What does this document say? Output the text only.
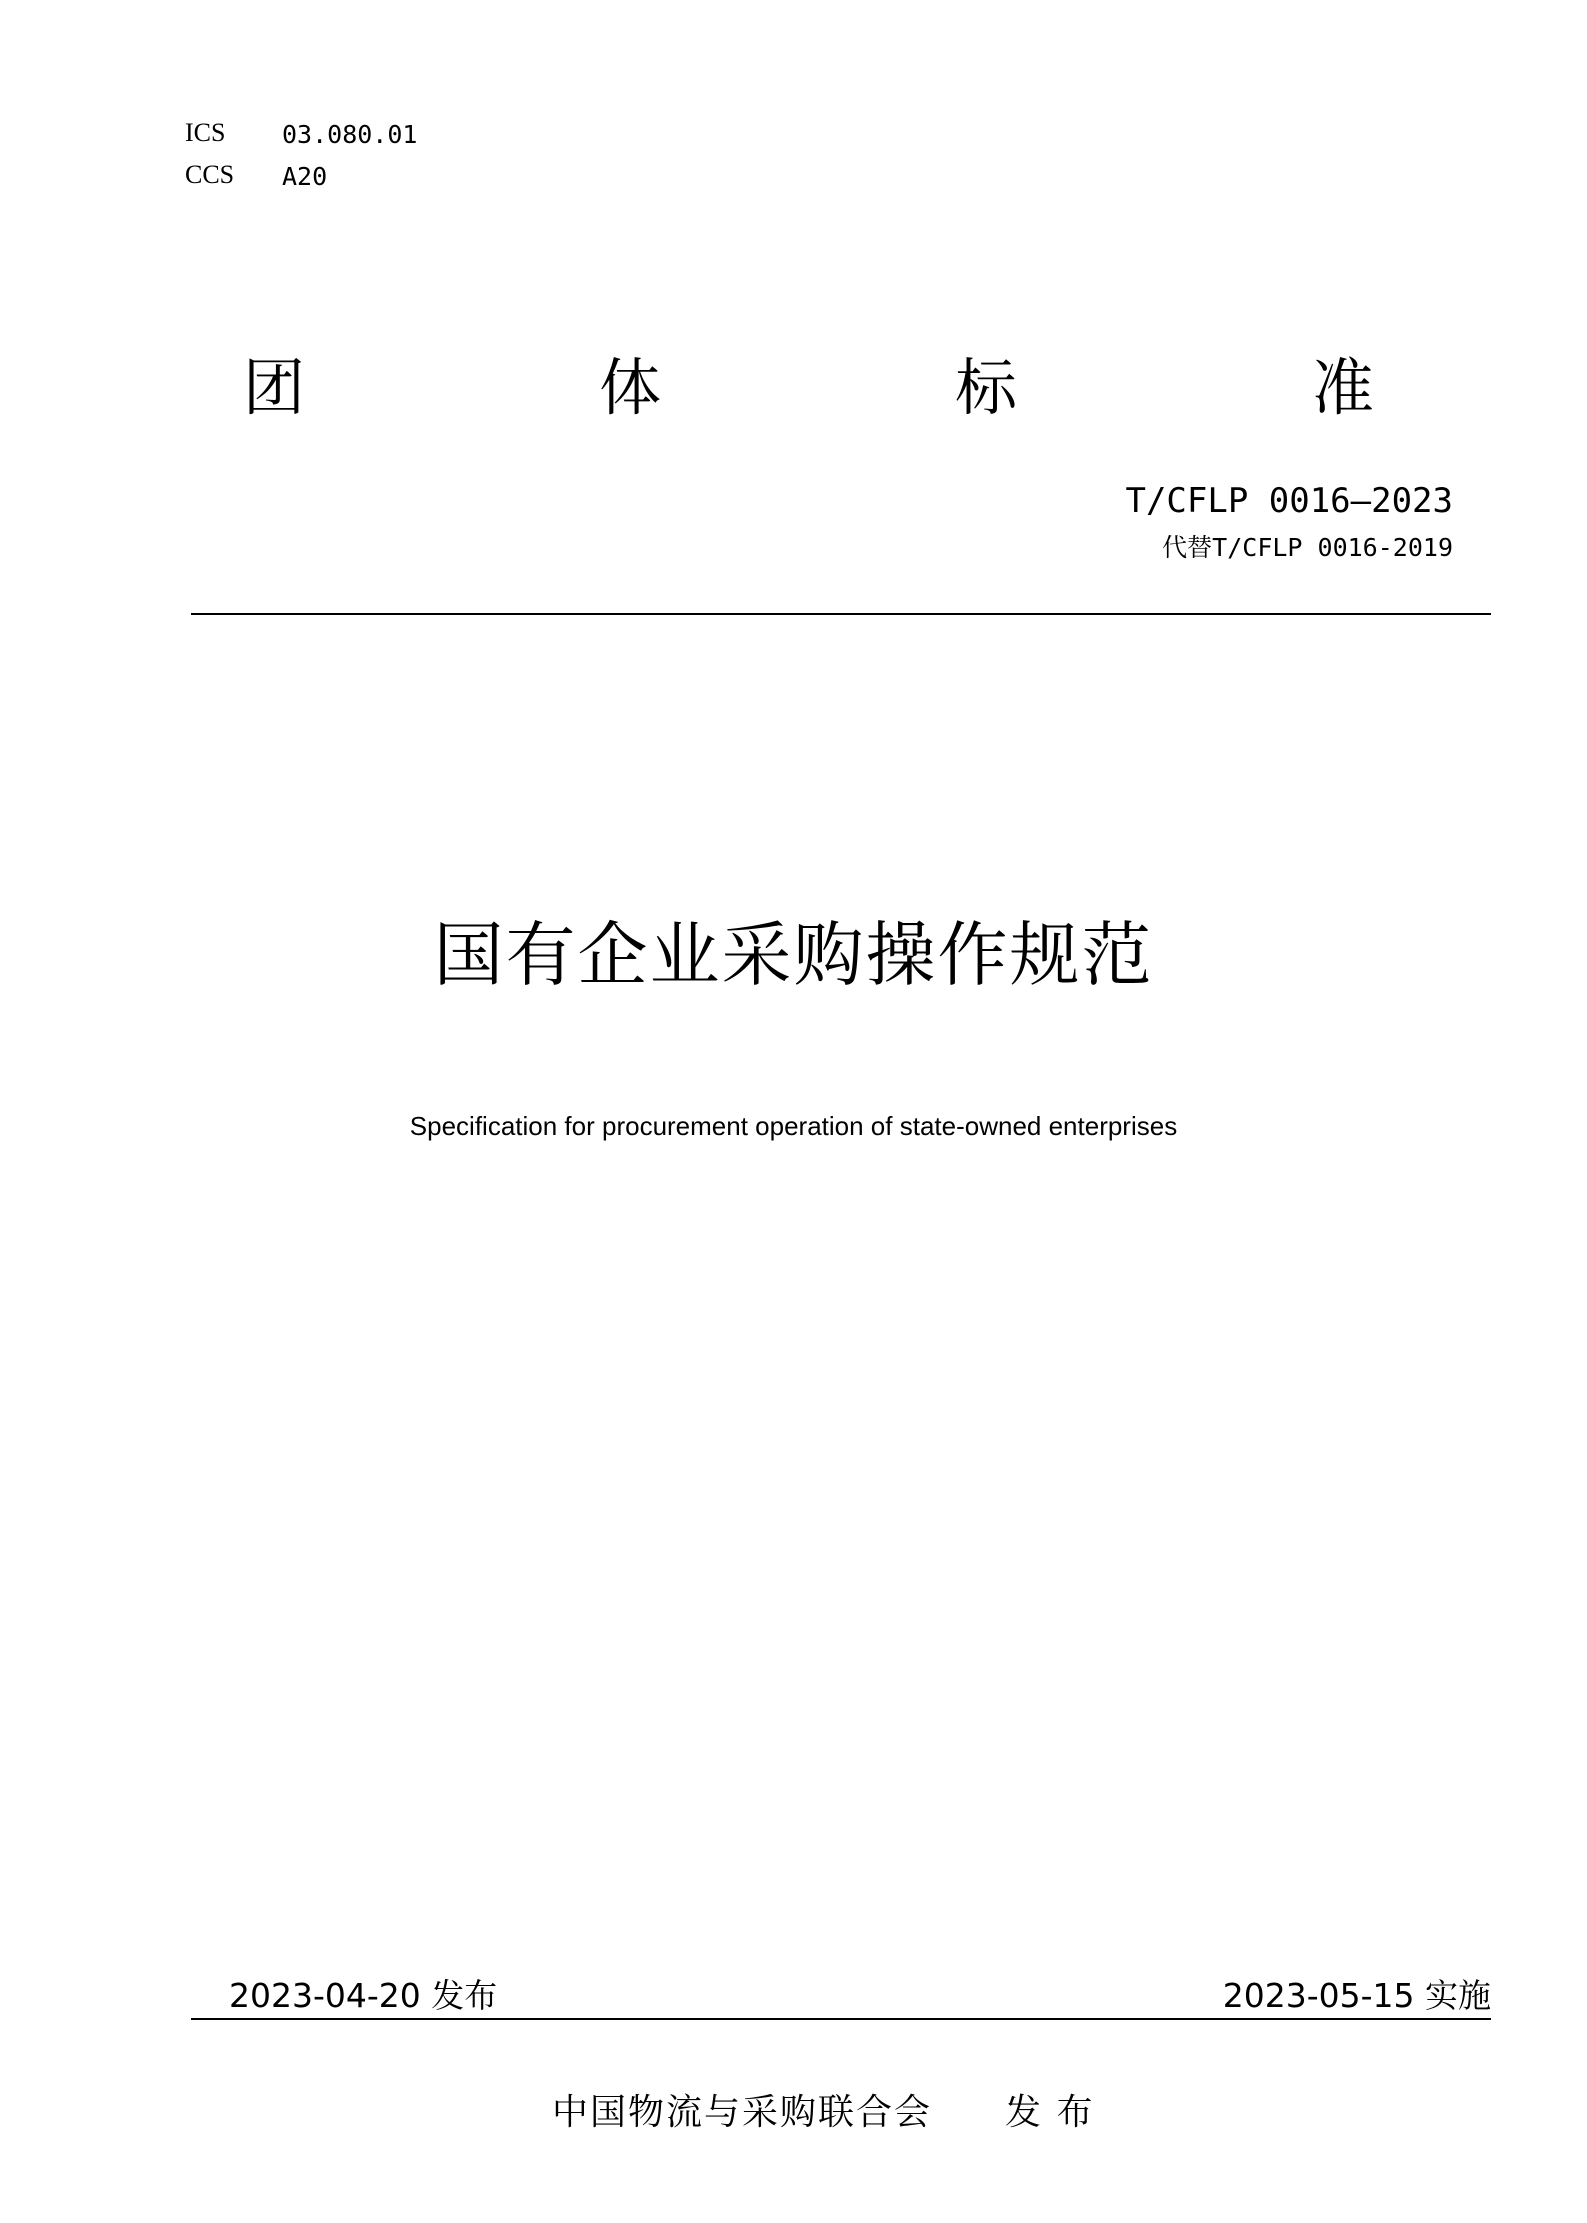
ICS 03.080.01
CCS A20
团	体	标	准
T/CFLP 0016—2023
代替T/CFLP 0016-2019
国有企业采购操作规范
Specification for procurement operation of state-owned enterprises
2023-04-20 发布	2023-05-15 实施
中国物流与采购联合会 发 布
